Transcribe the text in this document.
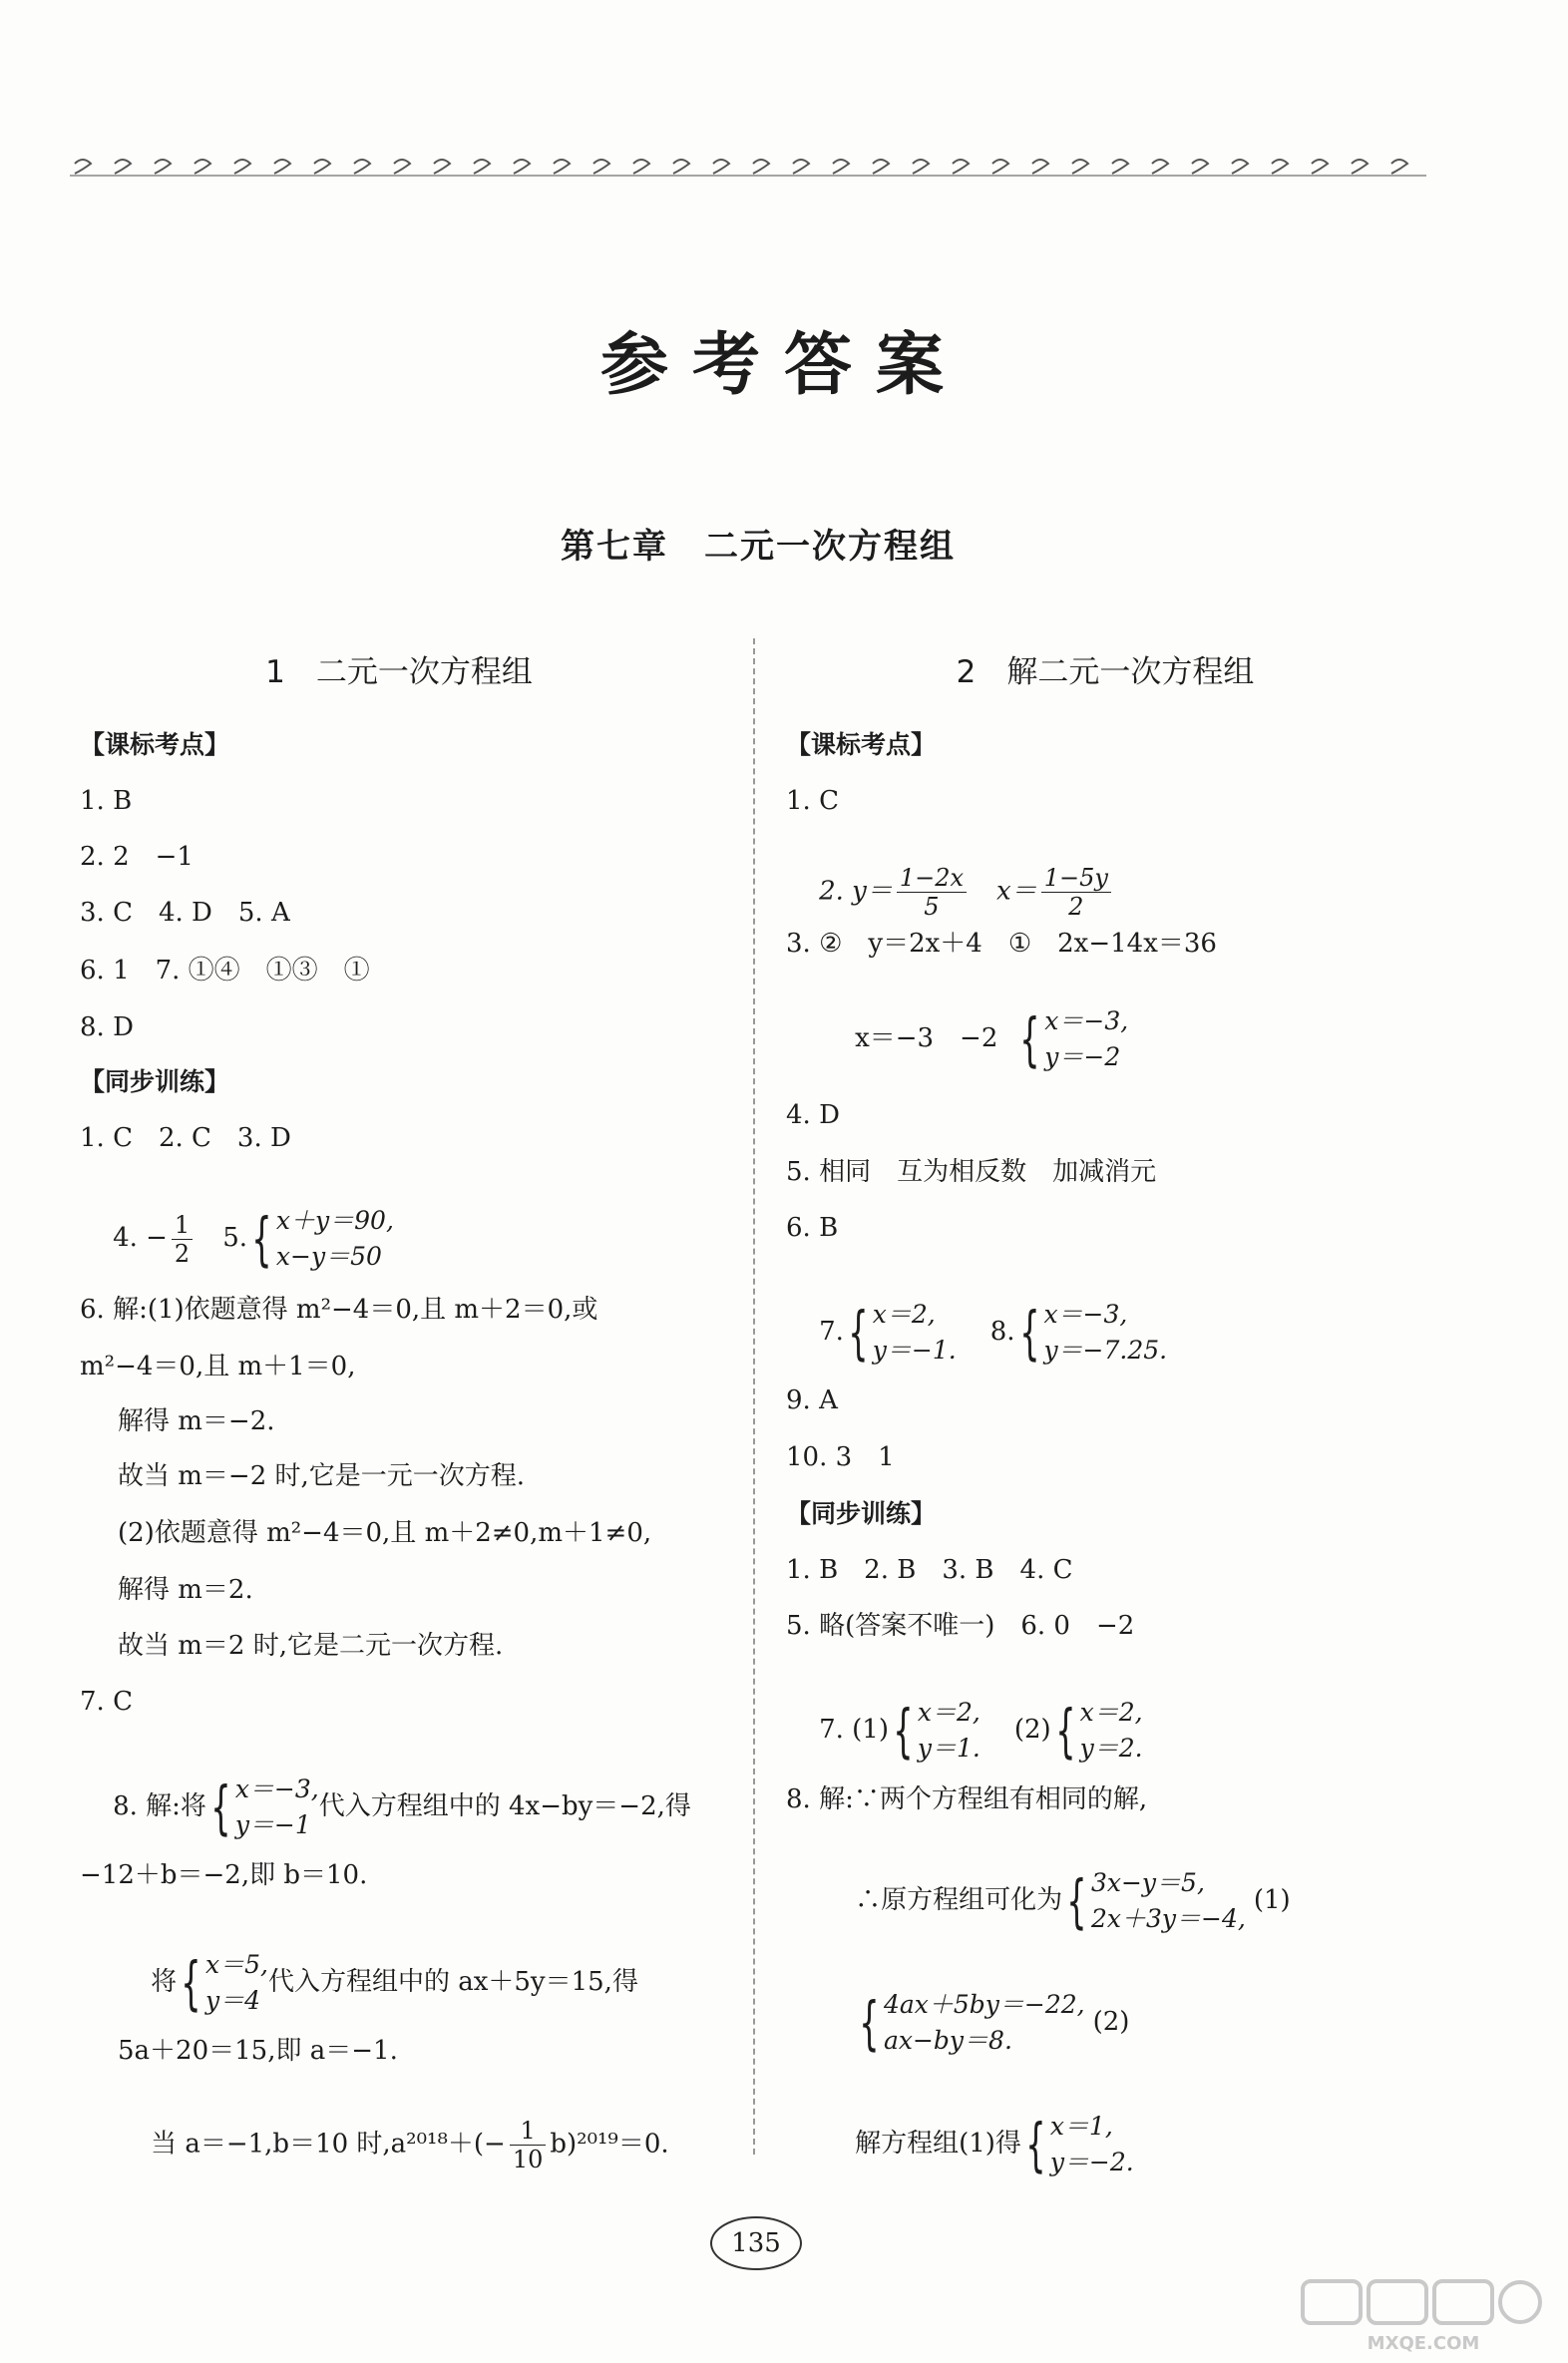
参考答案
第七章　二元一次方程组
1　二元一次方程组
【课标考点】
1. B
2. 2　−1
3. C　4. D　5. A
6. 1　7. ①④　①③　①
8. D
【同步训练】
1. C　2. C　3. D

4. − $\frac{1}{2}$ 　5. { x＋y＝90,
x−y＝50

6. 解:(1)依题意得 m²−4＝0,且 m＋2＝0,或
m²−4＝0,且 m＋1＝0,
解得 m＝−2.
故当 m＝−2 时,它是一元一次方程.
(2)依题意得 m²−4＝0,且 m＋2≠0,m＋1≠0,
解得 m＝2.
故当 m＝2 时,它是二元一次方程.
7. C

8. 解:将 { x＝−3,
y＝−1
代入方程组中的 4x−by＝−2,得

−12＋b＝−2,即 b＝10.

将 { x＝5,
y＝4
代入方程组中的 ax＋5y＝15,得

5a＋20＝15,即 a＝−1.

当 a＝−1,b＝10 时$,a^{2018}+(- \frac{1}{10} b)^{2019}=0$.

2　解二元一次方程组
【课标考点】
1. C

2. $y= \frac{1-2x}{5}$ 　$x= \frac{1-5y}{2}$

3. ②　y＝2x＋4　①　2x−14x＝36

x＝−3　−2 { x＝−3,
y＝−2

4. D
5. 相同　互为相反数　加减消元
6. B

7. { x＝2,
y＝−1.
8. { x＝−3,
y＝−7.25.

9. A
10. 3　1
【同步训练】
1. B　2. B　3. B　4. C
5. 略(答案不唯一)　6. 0　−2

7. (1) { x＝2,
y＝1.
(2) { x＝2,
y＝2.

8. 解:∵两个方程组有相同的解,

∴原方程组可化为 { 3x−y＝5,
2x＋3y＝−4,
(1)

{ 4ax＋5by＝−22,
ax−by＝8.
(2)

解方程组(1)得 { x＝1,
y＝−2.

135
MXQE.COM
